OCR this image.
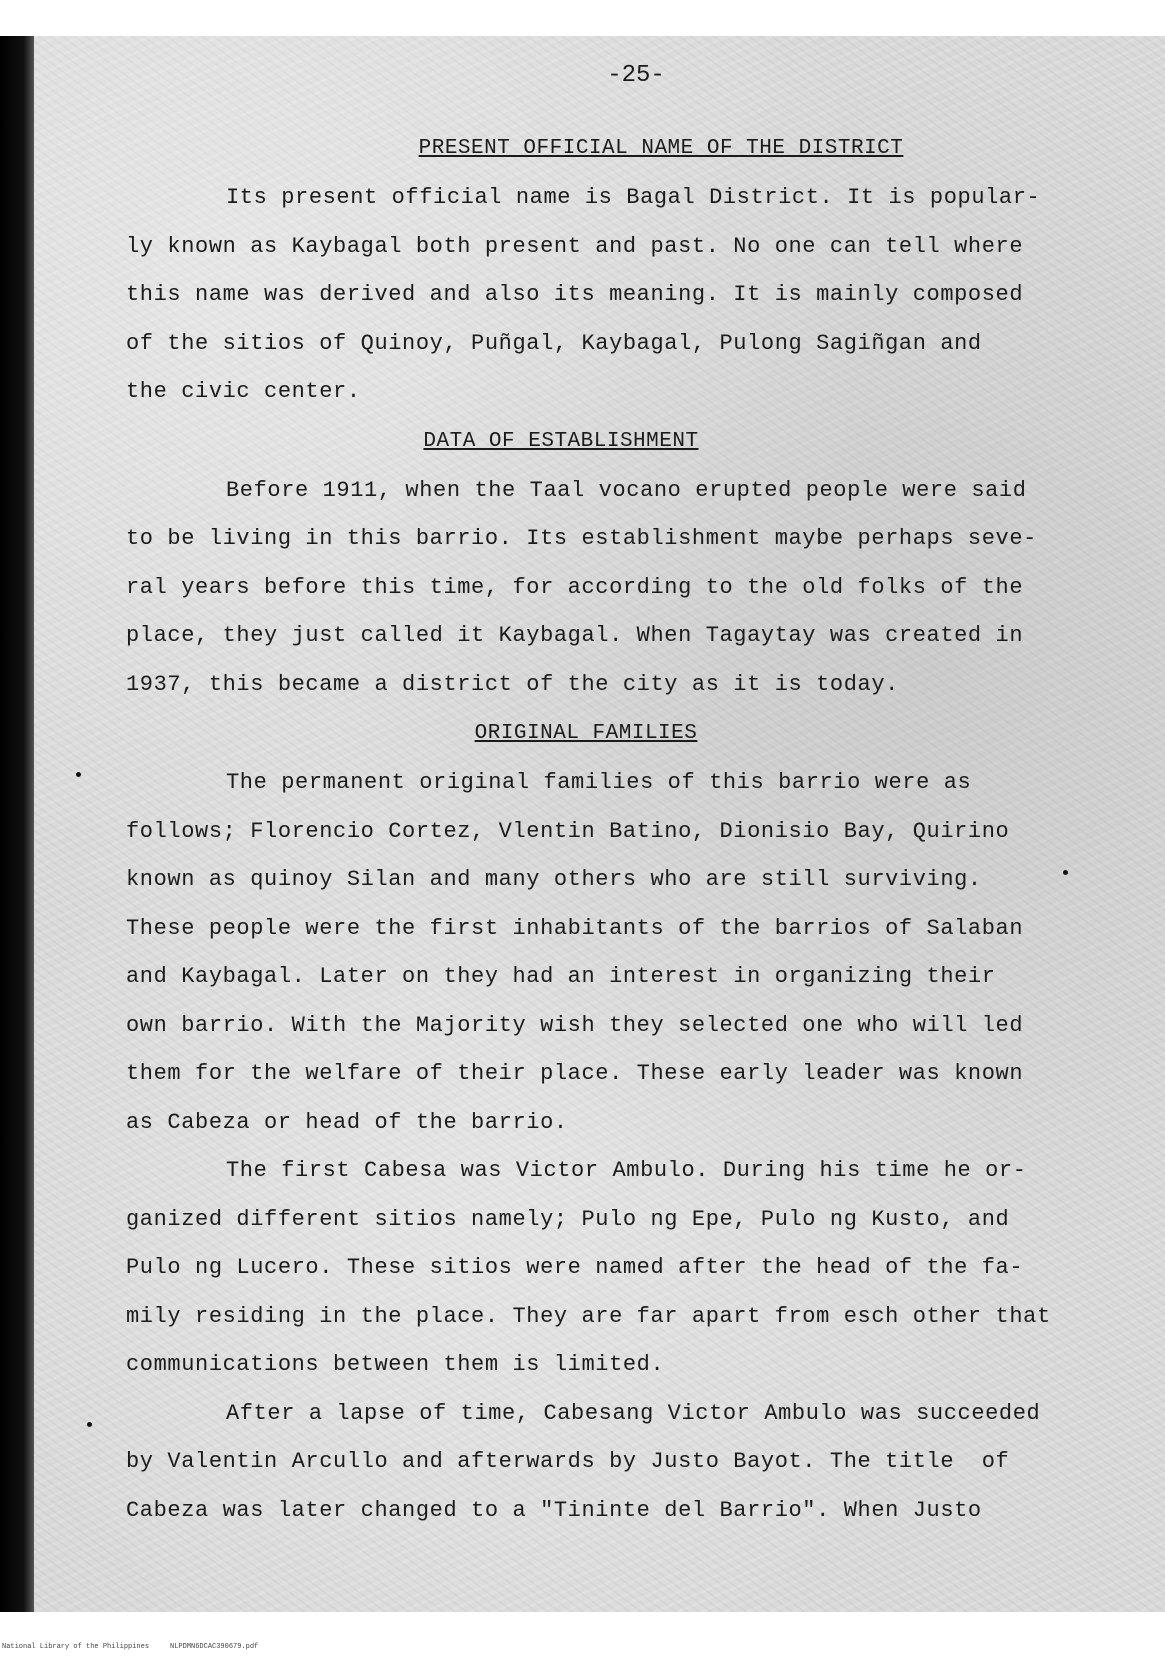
-25-

PRESENT OFFICIAL NAME OF THE DISTRICT

Its present official name is Bagal District. It is popular-

ly known as Kaybagal both present and past. No one can tell where

this name was derived and also its meaning. It is mainly composed

of the sitios of Quinoy, Puñgal, Kaybagal, Pulong Sagiñgan and

the civic center.

DATA OF ESTABLISHMENT

Before 1911, when the Taal vocano erupted people were said

to be living in this barrio. Its establishment maybe perhaps seve-

ral years before this time, for according to the old folks of the

place, they just called it Kaybagal. When Tagaytay was created in

1937, this became a district of the city as it is today.

ORIGINAL FAMILIES

The permanent original families of this barrio were as

follows; Florencio Cortez, Vlentin Batino, Dionisio Bay, Quirino

known as quinoy Silan and many others who are still surviving.

These people were the first inhabitants of the barrios of Salaban

and Kaybagal. Later on they had an interest in organizing their

own barrio. With the Majority wish they selected one who will led

them for the welfare of their place. These early leader was known

as Cabeza or head of the barrio.

The first Cabesa was Victor Ambulo. During his time he or-

ganized different sitios namely; Pulo ng Epe, Pulo ng Kusto, and

Pulo ng Lucero. These sitios were named after the head of the fa-

mily residing in the place. They are far apart from esch other that

communications between them is limited.

After a lapse of time, Cabesang Victor Ambulo was succeeded

by Valentin Arcullo and afterwards by Justo Bayot. The title  of

Cabeza was later changed to a "Tininte del Barrio". When Justo

National Library of the Philippines     NLPDMN6DCAC390679.pdf
